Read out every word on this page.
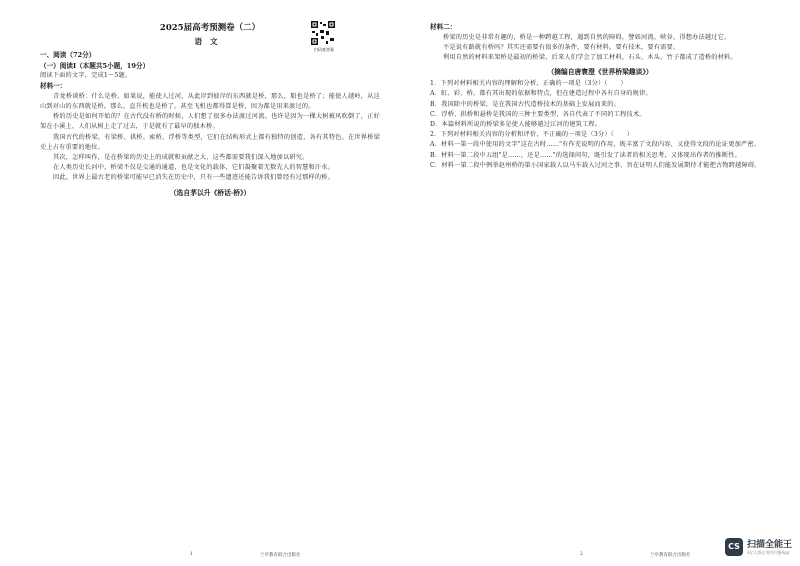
2025届高考预测卷（二）

语文

扫码查答案

一、阅读（72分）

（一）阅读Ⅰ（本题共5小题，19分）

阅读下面的文字，完成1～5题。

材料一：

青龙桥谈桥：什么是桥，如果说，能使人过河，从此岸到彼岸的东西就是桥，那么，船也是桥了；能使人越岭，从这山到对山的东西就是桥，那么，直升机也是桥了。甚至飞机也都得算是桥，因为都是用来渡过的。

桥的历史是如何开始的？在古代没有桥的时候，人们想了很多办法渡过河流。也许是因为一棵大树被风吹倒了，正好架在小溪上，人们从树上走了过去，于是就有了最早的独木桥。

我国古代的桥梁，有梁桥、拱桥、索桥、浮桥等类型，它们在结构形式上都有独特的创造，各有其特色。在世界桥梁史上占有重要的地位。

其次，怎样叫作，是在桥梁的历史上的成就和贡献之大，这些都需要我们深入地加以研究。

在人类历史长河中，桥梁不仅是交通的通道，也是文化的载体，它们凝聚着无数先人的智慧和汗水。

因此，世界上最古老的桥梁可能早已消失在历史中，只有一些遗迹还能告诉我们曾经有过那样的桥。

（选自茅以升《桥话·桥》）

1	兰亭教育联合出版社

材料二：

桥梁的历史是非常有趣的，桥是一种跨越工程，遇到自然的障碍，譬如河流、峡谷，得想办法越过它。

不是说有路就有桥吗？其实还需要有很多的条件，要有材料，要有技术，要有需要。

利用自然的材料来架桥是最初的桥梁，后来人们学会了加工材料，石头、木头、竹子都成了造桥的材料。

（摘编自唐寰澄《世界桥梁趣谈》）

1．下列对材料相关内容的理解和分析，正确的一项是（3分）（　　）

A．虹、彩、桥，都有其出现的依据和特点，但在建造过程中各有自身的规律。

B．我国除中的桥梁，是在我国古代造桥技术的基础上发展而来的。

C．浮桥、拱桥和悬桥是我国的三种主要类型，各自代表了不同的工程技术。

D．本篇材料所说的桥梁多是使人能够越过江河的建筑工程。

2．下列对材料相关内容的分析和评价，不正确的一项是（3分）（　　）

A．材料一第一段中使用的文字"这在古时……"有作充说明的作用，既丰富了文段内容，又使得文段的论证更加严密。

B．材料一第二段中五组"是……，还是……"的选择问句，既引发了读者的相关思考，又体现出作者的推断性。

C．材料一第二段中例举赵州桥的第小国家载人以马车载入过河之事，旨在证明人们能发展期待才能把古物跨越障碍。

2	兰亭教育联合出版社
CS 扫描全能王
3亿人都在用的扫描App
